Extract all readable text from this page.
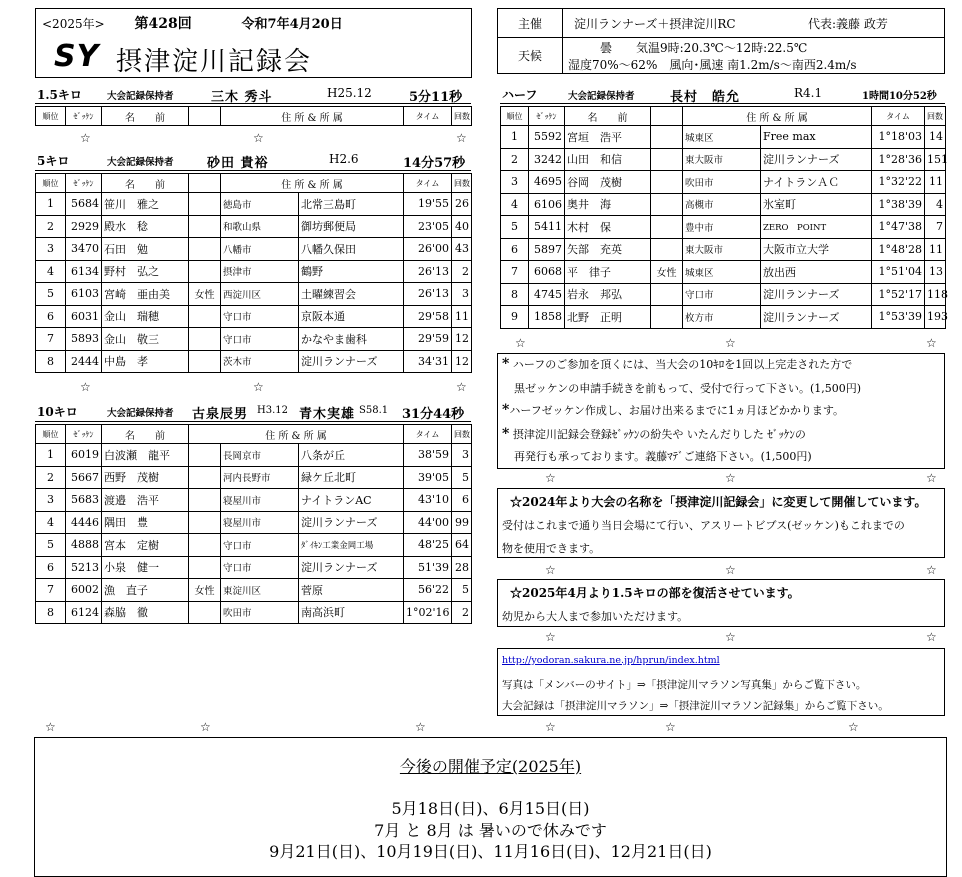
<2025年> 第428回	令和7年4月20日
SY 摂津淀川記録会
主催	淀川ランナーズ＋摂津淀川RC	代表:義藤 政芳
天候
曇　　気温9時:20.3℃～12時:22.5℃
湿度70%～62%　風向･風速 南1.2m/s～南西2.4m/s
1.5キロ	大会記録保持者	三木 秀斗	H25.12	5分11秒
順位	ｾﾞｯｹﾝ	名　　前		住 所 & 所 属	タイム	回数
☆	☆	☆
5キロ	大会記録保持者	砂田 貴裕	H2.6	14分57秒
順位	ｾﾞｯｹﾝ	名　　前		住 所 & 所 属		タイム	回数
1	5684	笹川　雅之		徳島市	北常三島町	19'55	26
2	2929	殿水　稔		和歌山県	御坊郵便局	23'05	40
3	3470	石田　勉		八幡市	八幡久保田	26'00	43
4	6134	野村　弘之		摂津市	鶴野	26'13	2
5	6103	宮崎　亜由美	女性	西淀川区	土曜練習会	26'13	3
6	6031	金山　瑞穂		守口市	京阪本通	29'58	11
7	5893	金山　敬三		守口市	かなやま歯科	29'59	12
8	2444	中島　孝		茨木市	淀川ランナーズ	34'31	12
☆	☆	☆
10キロ	大会記録保持者 古泉辰男 H3.12 青木実雄 S58.1 31分44秒
順位	ｾﾞｯｹﾝ	名　　前	住 所 & 所 属			タイム	回数
1	6019	白波瀬　龍平		長岡京市	八条が丘	38'59	3
2	5667	西野　茂樹		河内長野市	緑ケ丘北町	39'05	5
3	5683	渡邉　浩平		寝屋川市	ナイトランAC	43'10	6
4	4446	隅田　豊		寝屋川市	淀川ランナーズ	44'00	99
5	4888	宮本　定樹		守口市	ﾀﾞｲｷﾝ工業金岡工場	48'25	64
6	5213	小泉　健一		守口市	淀川ランナーズ	51'39	28
7	6002	漁　直子	女性	東淀川区	菅原	56'22	5
8	6124	森脇　徹		吹田市	南高浜町	1°02'16	2
ハーフ	大会記録保持者	長村　皓允	R4.1	1時間10分52秒
順位	ｾﾞｯｹﾝ	名　　前		住 所 & 所 属		タイム	回数
1	5592	宮垣　浩平		城東区	Free max	1°18'03	14
2	3242	山田　和信		東大阪市	淀川ランナーズ	1°28'36	151
3	4695	谷岡　茂樹		吹田市	ナイトランＡＣ	1°32'22	11
4	6106	奥井　海		高槻市	氷室町	1°38'39	4
5	5411	木村　保		豊中市	ZERO　POINT	1°47'38	7
6	5897	矢部　充英		東大阪市	大阪市立大学	1°48'28	11
7	6068	平　律子	女性	城東区	放出西	1°51'04	13
8	4745	岩永　邦弘		守口市	淀川ランナーズ	1°52'17	118
9	1858	北野　正明		枚方市	淀川ランナーズ	1°53'39	193
☆	☆	☆

* ハーフのご参加を頂くには、当大会の10ｷﾛを1回以上完走された方で

黒ゼッケンの申請手続きを前もって、受付で行って下さい。(1,500円)

*ハーフゼッケン作成し、お届け出来るまでに1ヵ月ほどかかります。

* 摂津淀川記録会登録ｾﾞｯｹﾝの紛失や いたんだりした ｾﾞｯｹﾝの

再発行も承っております。義藤ﾏﾃﾞご連絡下さい。(1,500円)

☆	☆	☆

☆2024年より大会の名称を「摂津淀川記録会」に変更して開催しています。

受付はこれまで通り当日会場にて行い、アスリートビブス(ゼッケン)もこれまでの

物を使用できます。

☆	☆	☆

☆2025年4月より1.5キロの部を復活させています。

幼児から大人まで参加いただけます。

☆	☆	☆

http://yodoran.sakura.ne.jp/hprun/index.html

写真は「メンバーのサイト」⇒「摂津淀川マラソン写真集」からご覧下さい。

大会記録は「摂津淀川マラソン」⇒「摂津淀川マラソン記録集」からご覧下さい。

☆	☆	☆	☆	☆	☆
今後の開催予定(2025年)
5月18日(日)、6月15日(日)
7月 と 8月 は 暑いので休みです
9月21日(日)、10月19日(日)、11月16日(日)、12月21日(日)
